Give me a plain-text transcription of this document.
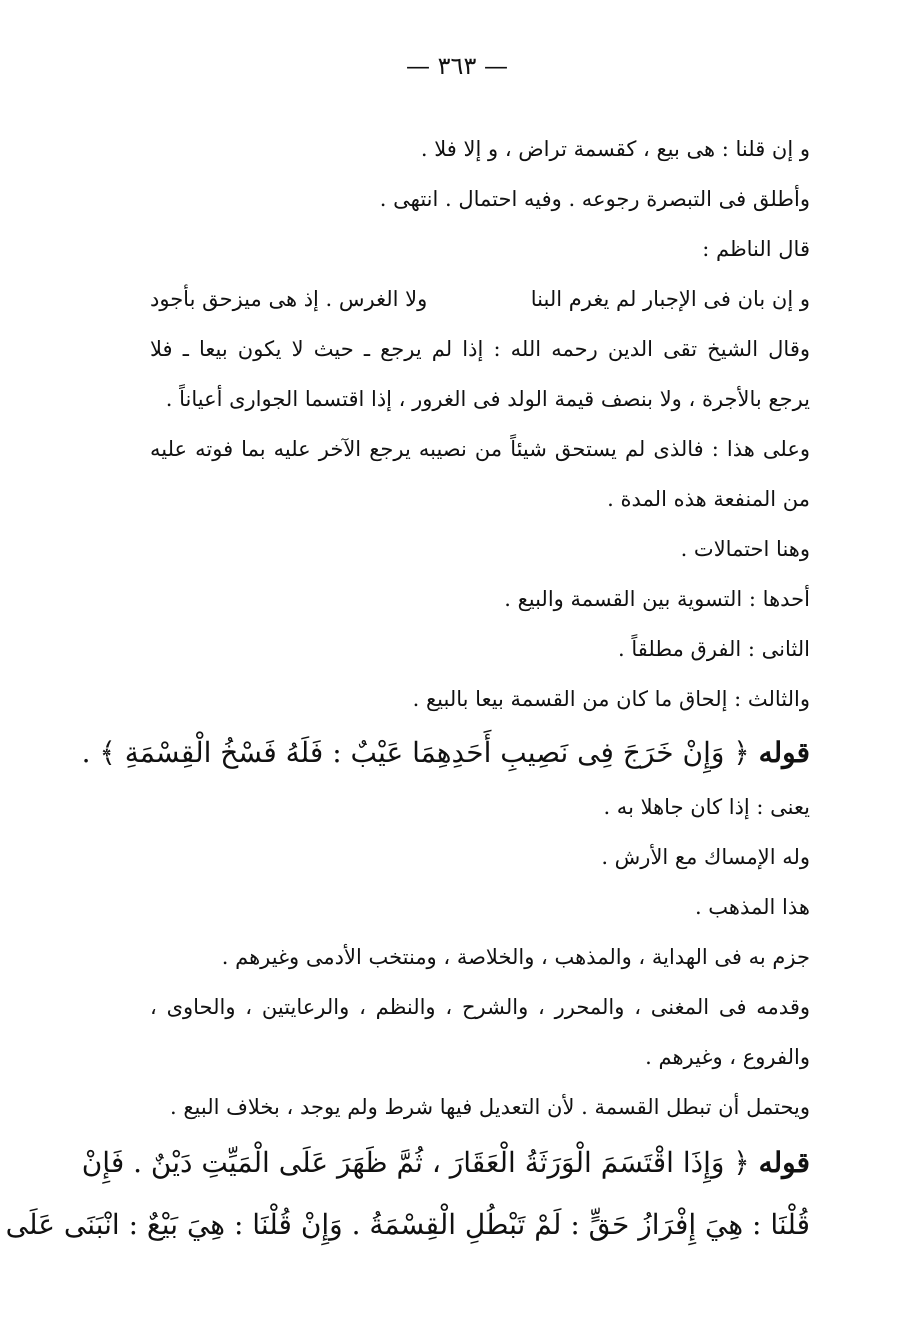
— ٣٦٣ —
و إن قلنا : هى بيع ، كقسمة تراض ، و إلا فلا .
وأطلق فى التبصرة رجوعه . وفيه احتمال . انتهى .
قال الناظم :
و إن بان فى الإجبار لم يغرم البنا
ولا الغرس . إذ هى ميزحق بأجود
وقال الشيخ تقى الدين رحمه الله : إذا لم يرجع ـ حيث لا يكون بيعا ـ فلا
يرجع بالأجرة ، ولا بنصف قيمة الولد فى الغرور ، إذا اقتسما الجوارى أعياناً .
وعلى هذا : فالذى لم يستحق شيئاً من نصيبه يرجع الآخر عليه بما فوته عليه
من المنفعة هذه المدة .
وهنا احتمالات .
أحدها : التسوية بين القسمة والبيع .
الثانى : الفرق مطلقاً .
والثالث : إلحاق ما كان من القسمة بيعا بالبيع .
قوله ﴿ وَإِنْ خَرَجَ فِى نَصِيبِ أَحَدِهِمَا عَيْبٌ : فَلَهُ فَسْخُ الْقِسْمَةِ ﴾ .
يعنى : إذا كان جاهلا به .
وله الإمساك مع الأرش .
هذا المذهب .
جزم به فى الهداية ، والمذهب ، والخلاصة ، ومنتخب الأدمى وغيرهم .
وقدمه فى المغنى ، والمحرر ، والشرح ، والنظم ، والرعايتين ، والحاوى ،
والفروع ، وغيرهم .
ويحتمل أن تبطل القسمة . لأن التعديل فيها شرط ولم يوجد ، بخلاف البيع .
قوله ﴿ وَإِذَا اقْتَسَمَ الْوَرَثَةُ الْعَقَارَ ، ثُمَّ ظَهَرَ عَلَى الْمَيِّتِ دَيْنٌ . فَإِنْ
قُلْنَا : هِيَ إِفْرَازُ حَقٍّ : لَمْ تَبْطُلِ الْقِسْمَةُ . وَإِنْ قُلْنَا : هِيَ بَيْعٌ : انْبَنَى عَلَى
